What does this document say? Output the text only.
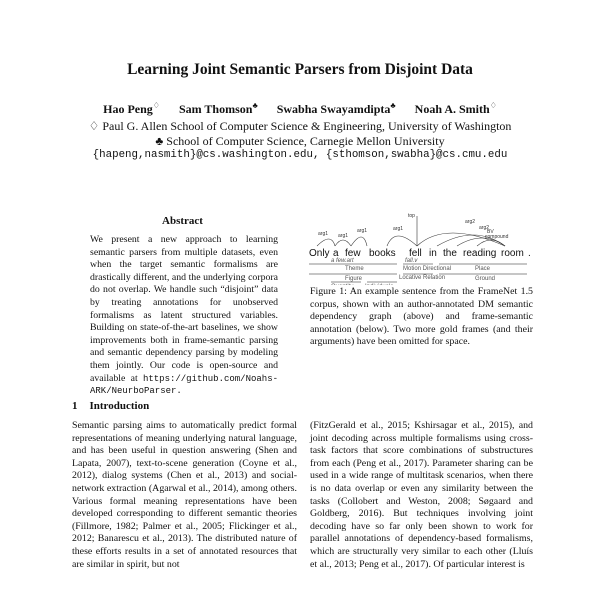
Learning Joint Semantic Parsers from Disjoint Data
Hao Peng♢ Sam Thomson♣ Swabha Swayamdipta♣ Noah A. Smith♢
♢ Paul G. Allen School of Computer Science & Engineering, University of Washington
♣ School of Computer Science, Carnegie Mellon University
{hapeng,nasmith}@cs.washington.edu, {sthomson,swabha}@cs.cmu.edu
Abstract
We present a new approach to learning semantic parsers from multiple datasets, even when the target semantic formalisms are drastically different, and the underlying corpora do not overlap. We handle such “disjoint” data by treating annotations for unobserved formalisms as latent structured variables. Building on state-of-the-art baselines, we show improvements both in frame-semantic parsing and semantic dependency parsing by modeling them jointly. Our code is open-source and available at https://github.com/Noahs-ARK/NeurboParser.
arg1 arg1
arg1
top
arg1
arg2
arg2
BV
compound
Only a few books fell in the reading room .
a few.art	fall.v
Theme	Motion Directional	Place
Figure	Locative Relation	Ground
Figure 1: An example sentence from the FrameNet 1.5 corpus, shown with an author-annotated DM semantic dependency graph (above) and frame-semantic annotation (below). Two more gold frames (and their arguments) have been omitted for space.
1 Introduction
Semantic parsing aims to automatically predict formal representations of meaning underlying natural language, and has been useful in question answering (Shen and Lapata, 2007), text-to-scene generation (Coyne et al., 2012), dialog systems (Chen et al., 2013) and social-network extraction (Agarwal et al., 2014), among others. Various formal meaning representations have been developed corresponding to different semantic theories (Fillmore, 1982; Palmer et al., 2005; Flickinger et al., 2012; Banarescu et al., 2013). The distributed nature of these efforts results in a set of annotated resources that are similar in spirit, but not
(FitzGerald et al., 2015; Kshirsagar et al., 2015), and joint decoding across multiple formalisms using cross-task factors that score combinations of substructures from each (Peng et al., 2017). Parameter sharing can be used in a wide range of multitask scenarios, when there is no data overlap or even any similarity between the tasks (Collobert and Weston, 2008; Søgaard and Goldberg, 2016). But techniques involving joint decoding have so far only been shown to work for parallel annotations of dependency-based formalisms, which are structurally very similar to each other (Lluís et al., 2013; Peng et al., 2017). Of particular interest is
